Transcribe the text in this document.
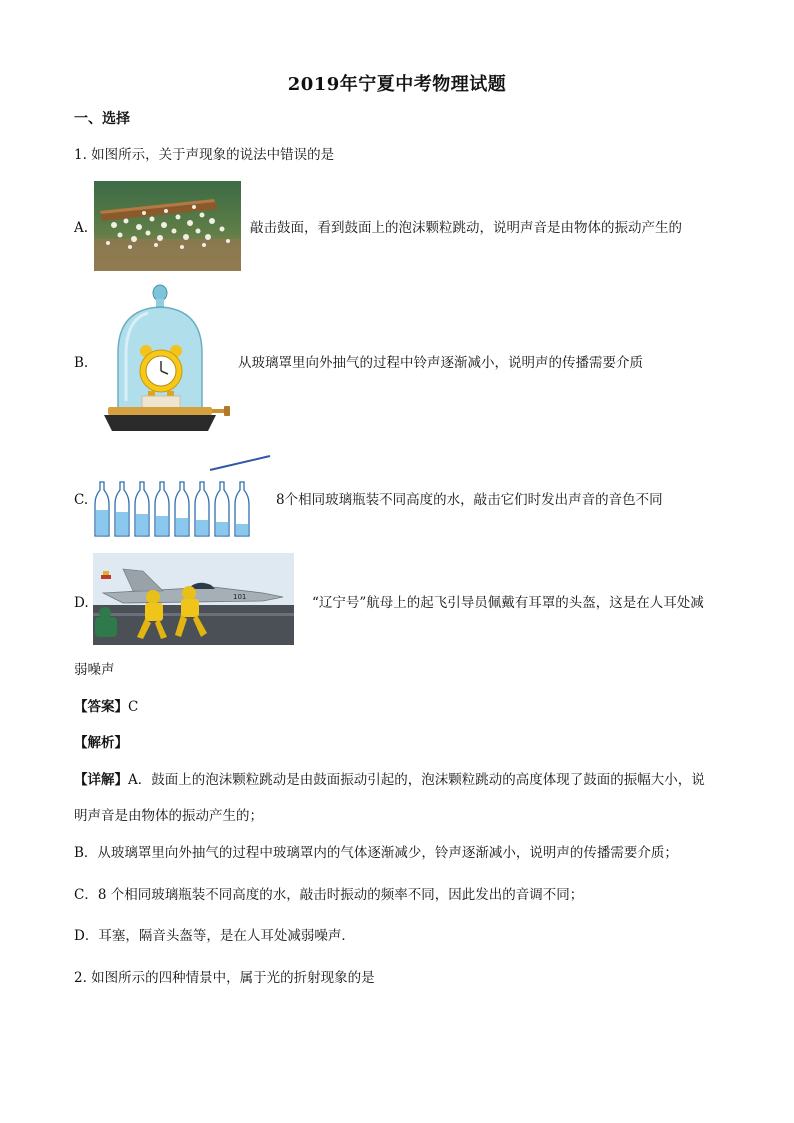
2019年宁夏中考物理试题
一、选择
1. 如图所示，关于声现象的说法中错误的是
A.	敲击鼓面，看到鼓面上的泡沫颗粒跳动，说明声音是由物体的振动产生的
B.	从玻璃罩里向外抽气的过程中铃声逐渐减小，说明声的传播需要介质
C.	8个相同玻璃瓶装不同高度的水，敲击它们时发出声音的音色不同
D.	101	“辽宁号”航母上的起飞引导员佩戴有耳罩的头盔，这是在人耳处减
弱噪声
【答案】C
【解析】
【详解】A．鼓面上的泡沫颗粒跳动是由鼓面振动引起的，泡沫颗粒跳动的高度体现了鼓面的振幅大小，说
明声音是由物体的振动产生的；
B．从玻璃罩里向外抽气的过程中玻璃罩内的气体逐渐减少，铃声逐渐减小，说明声的传播需要介质；
C．8 个相同玻璃瓶装不同高度的水，敲击时振动的频率不同，因此发出的音调不同；
D．耳塞，隔音头盔等，是在人耳处减弱噪声．
2. 如图所示的四种情景中，属于光的折射现象的是
